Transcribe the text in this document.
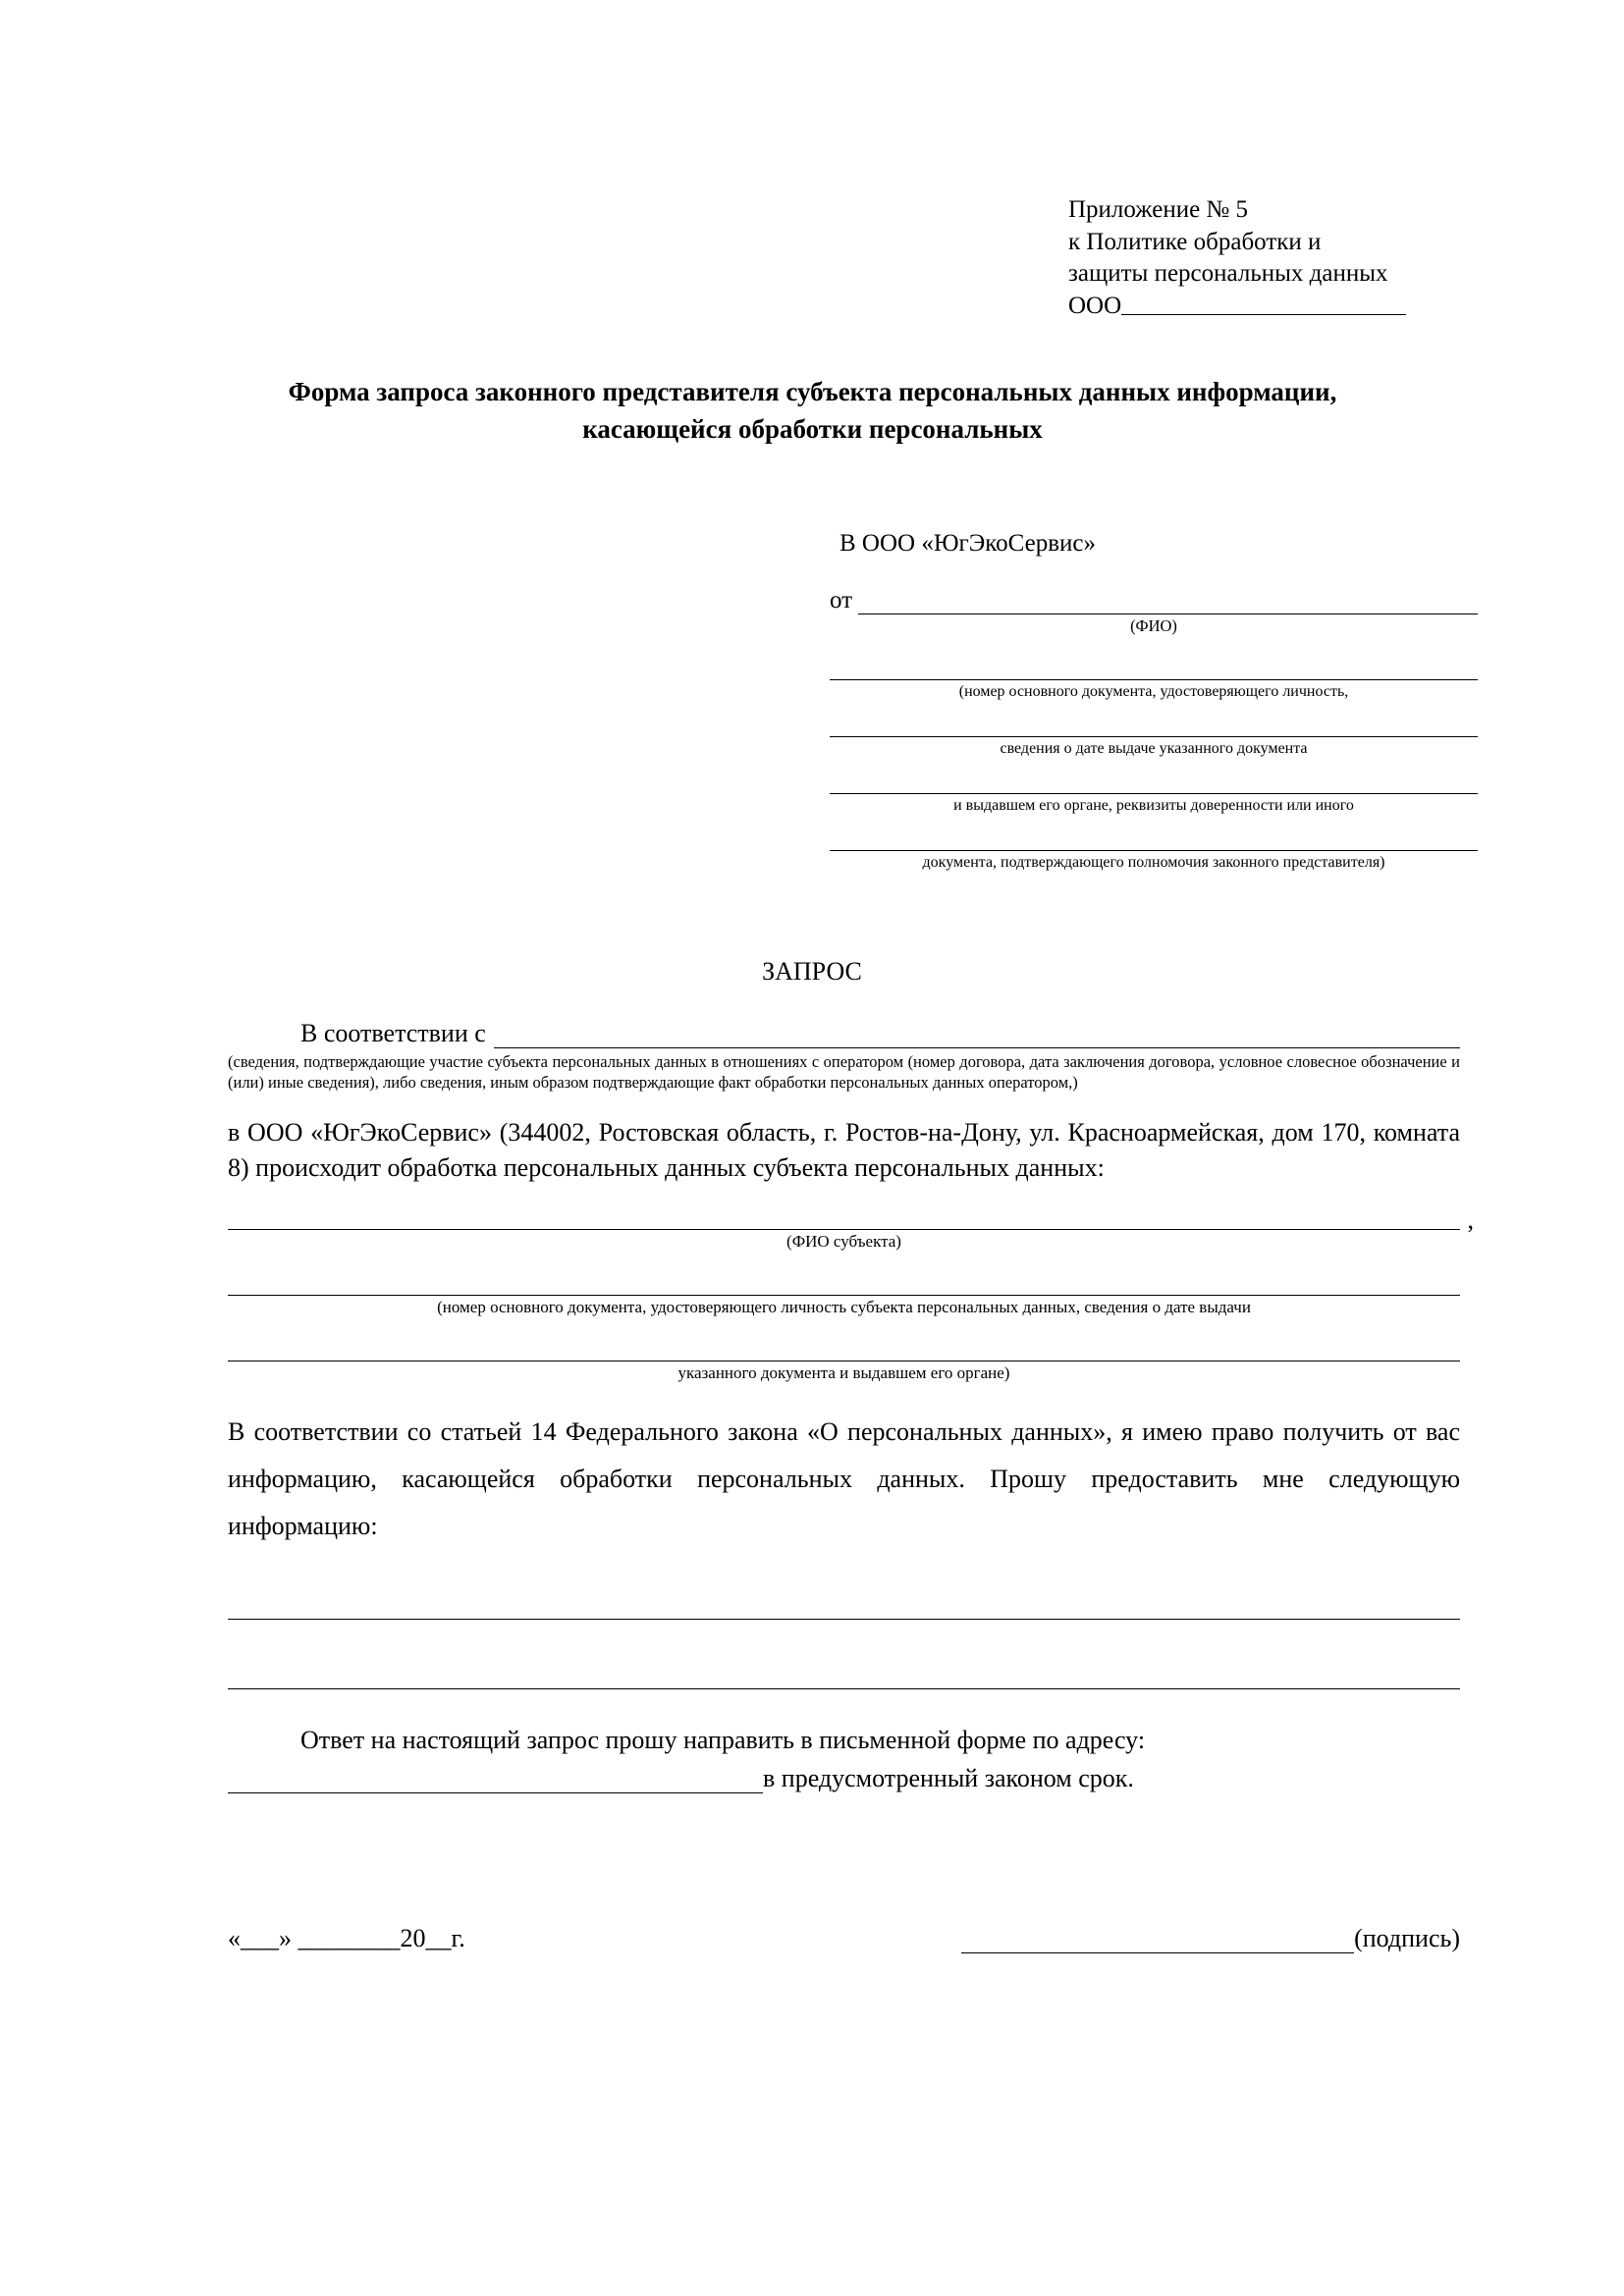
Приложение № 5
к Политике обработки и
защиты персональных данных
ООО
Форма запроса законного представителя субъекта персональных данных информации, касающейся обработки персональных
В ООО «ЮгЭкоСервис»
от
(ФИО)
(номер основного документа, удостоверяющего личность,
сведения о дате выдаче указанного документа
и выдавшем его органе, реквизиты доверенности или иного
документа, подтверждающего полномочия законного представителя)
ЗАПРОС
В соответствии с
(сведения, подтверждающие участие субъекта персональных данных в отношениях с оператором (номер договора, дата заключения договора, условное словесное обозначение и (или) иные сведения), либо сведения, иным образом подтверждающие факт обработки персональных данных оператором,)
в ООО «ЮгЭкоСервис» (344002, Ростовская область, г. Ростов-на-Дону, ул. Красноармейская, дом 170, комната 8) происходит обработка персональных данных субъекта персональных данных:
,
(ФИО субъекта)
(номер основного документа, удостоверяющего личность субъекта персональных данных, сведения о дате выдачи
указанного документа и выдавшем его органе)
В соответствии со статьей 14 Федерального закона «О персональных данных», я имею право получить от вас информацию, касающейся обработки персональных данных. Прошу предоставить мне следующую информацию:
Ответ на настоящий запрос прошу направить в письменной форме по адресу:
в предусмотренный законом срок.
«___» ________20__г.	(подпись)
